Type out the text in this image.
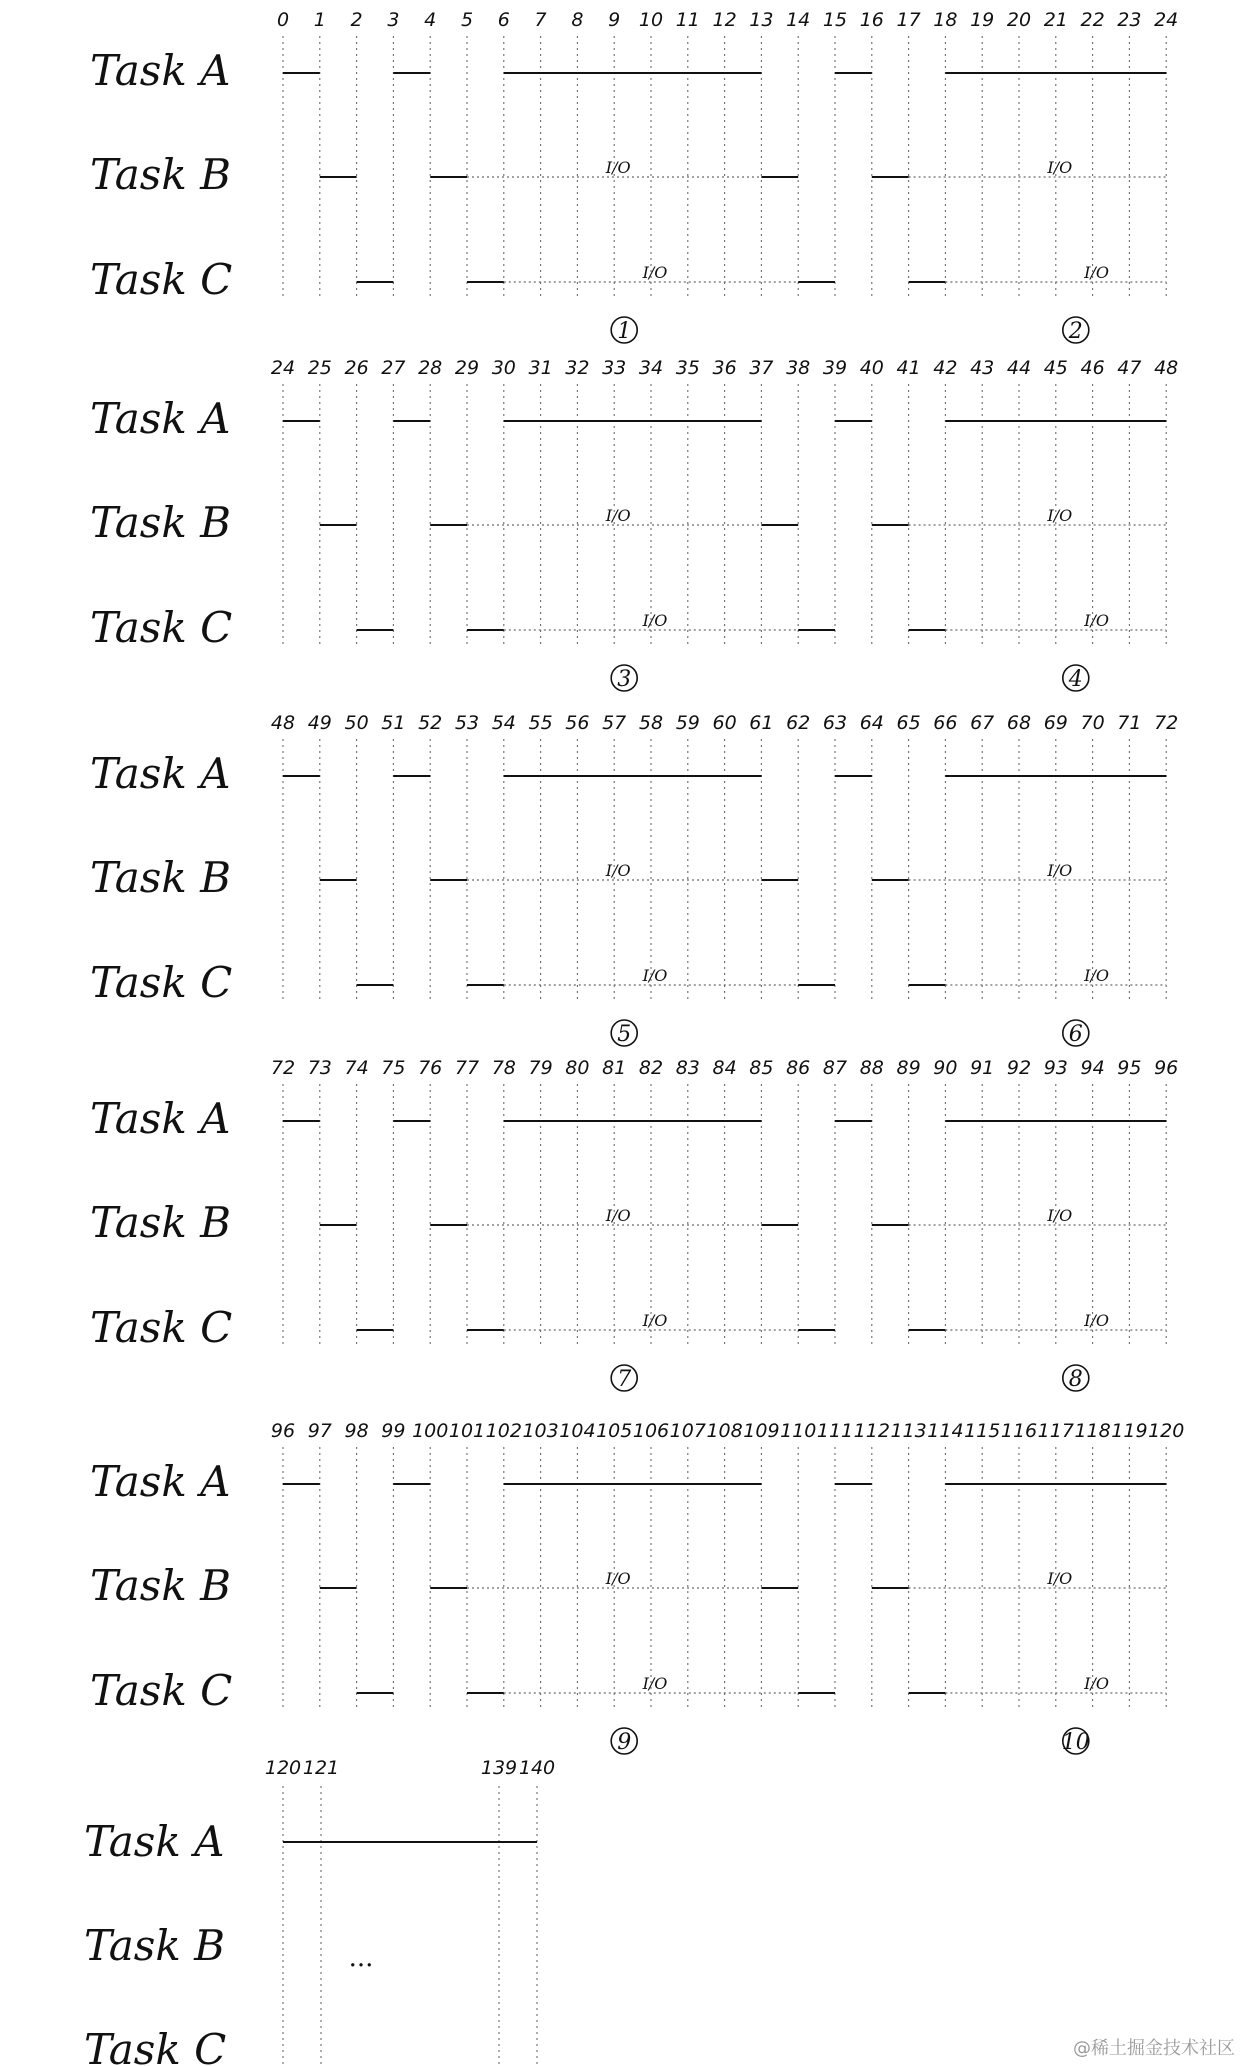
0 1 2 3 4 5 6 7 8 9 10 11 12 13 14 15 16 17 18 19 20 21 22 23 24
Task A
Task B	I/O	I/O
Task C	I/O	I/O
1	2
24 25 26 27 28 29 30 31 32 33 34 35 36 37 38 39 40 41 42 43 44 45 46 47 48
Task A
Task B	I/O	I/O
Task C	I/O	I/O
3	4
48 49 50 51 52 53 54 55 56 57 58 59 60 61 62 63 64 65 66 67 68 69 70 71 72
Task A
Task B	I/O	I/O
Task C	I/O	I/O
5	6
72 73 74 75 76 77 78 79 80 81 82 83 84 85 86 87 88 89 90 91 92 93 94 95 96
Task A
Task B	I/O	I/O
Task C	I/O	I/O
7	8
96 97 98 99 100 101 102 103 104 105 106 107 108 109 110 111 112 113 114 115 116 117 118 119 120
Task A
Task B	I/O	I/O
Task C	I/O	I/O
9	10
120 121	139 140
Task A
Task B
Task C
...
@稀土掘金技术社区
